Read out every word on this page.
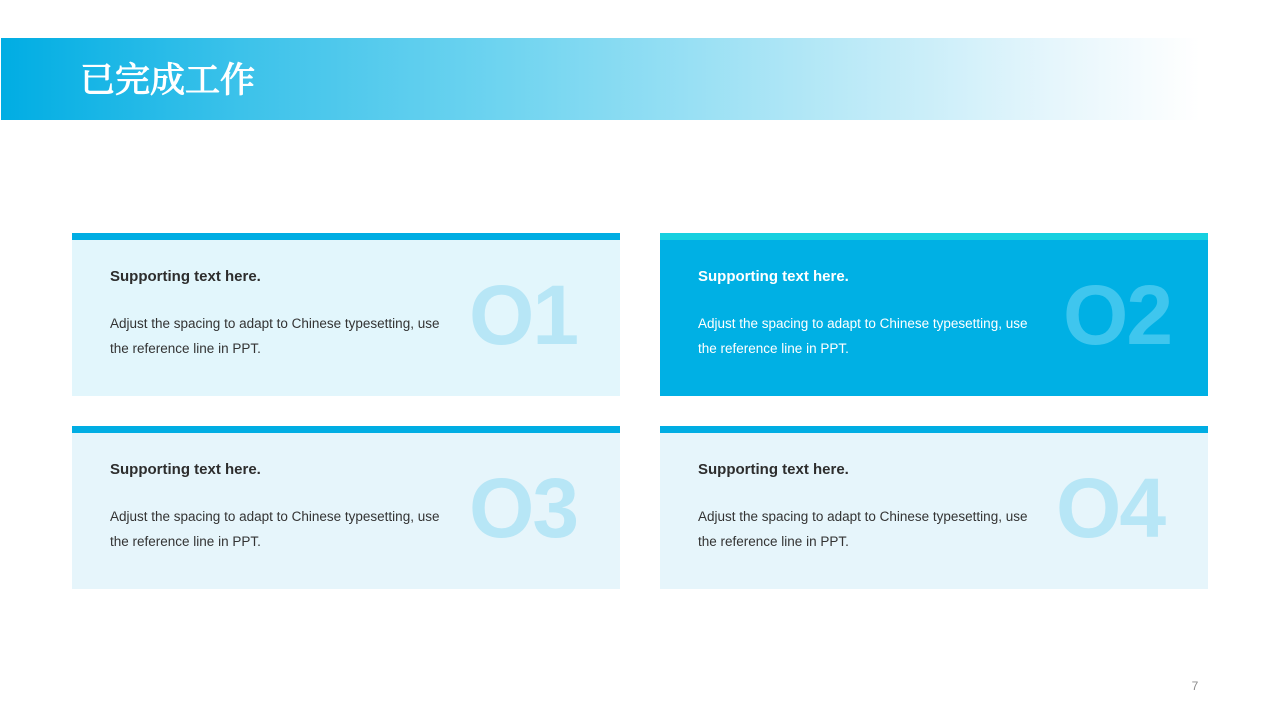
已完成工作
O1
Supporting text here.
Adjust the spacing to adapt to Chinese typesetting, use the reference line in PPT.	O2
Supporting text here.
Adjust the spacing to adapt to Chinese typesetting, use the reference line in PPT.
O3
Supporting text here.
Adjust the spacing to adapt to Chinese typesetting, use the reference line in PPT.	O4
Supporting text here.
Adjust the spacing to adapt to Chinese typesetting, use the reference line in PPT.
7
